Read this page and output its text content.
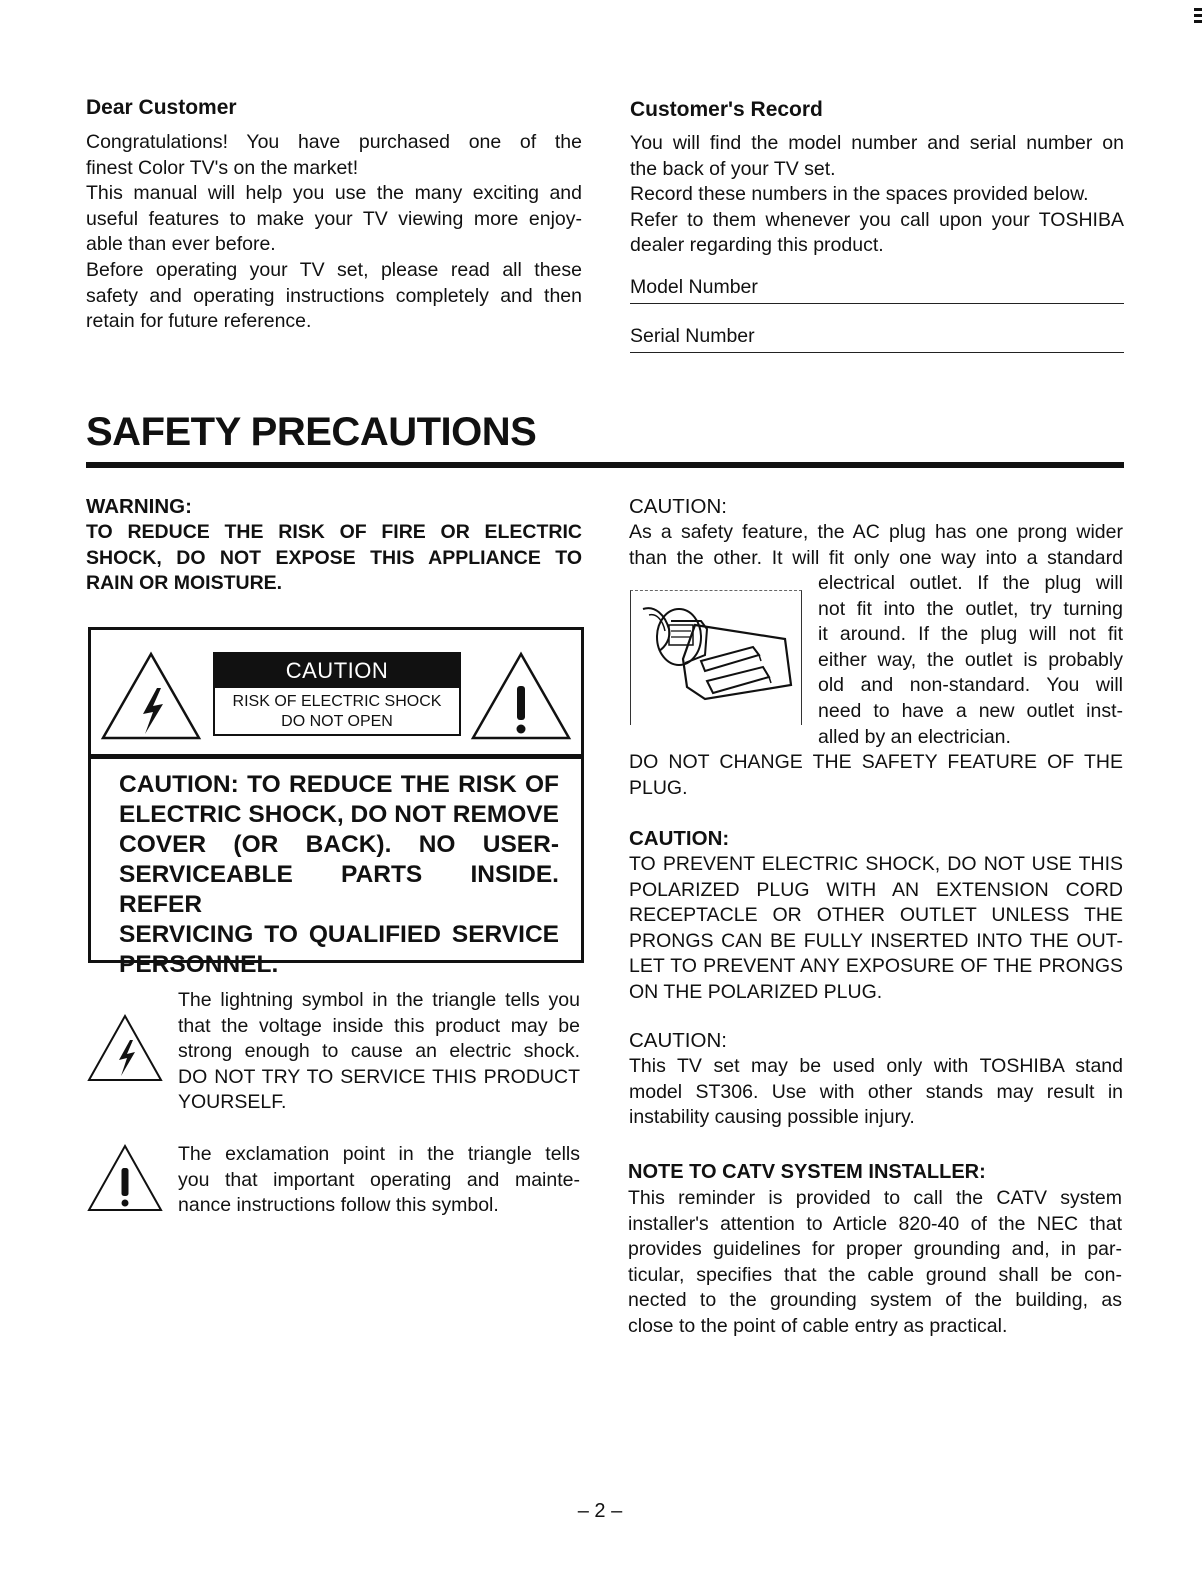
Dear Customer

Congratulations! You have purchased one of the

finest Color TV's on the market!

This manual will help you use the many exciting and

useful features to make your TV viewing more enjoy-

able than ever before.

Before operating your TV set, please read all these

safety and operating instructions completely and then

retain for future reference.

Customer's Record

You will find the model number and serial number on

the back of your TV set.

Record these numbers in the spaces provided below.

Refer to them whenever you call upon your TOSHIBA

dealer regarding this product.

Model Number
Serial Number
SAFETY PRECAUTIONS
WARNING:

TO REDUCE THE RISK OF FIRE OR ELECTRIC

SHOCK, DO NOT EXPOSE THIS APPLIANCE TO

RAIN OR MOISTURE.

CAUTION
RISK OF ELECTRIC SHOCK
DO NOT OPEN

CAUTION: TO REDUCE THE RISK OF

ELECTRIC SHOCK, DO NOT REMOVE

COVER (OR BACK). NO USER-

SERVICEABLE PARTS INSIDE. REFER

SERVICING TO QUALIFIED SERVICE

PERSONNEL.

The lightning symbol in the triangle tells you

that the voltage inside this product may be

strong enough to cause an electric shock.

DO NOT TRY TO SERVICE THIS PRODUCT

YOURSELF.

The exclamation point in the triangle tells

you that important operating and mainte-

nance instructions follow this symbol.

CAUTION:

As a safety feature, the AC plug has one prong wider

than the other. It will fit only one way into a standard

electrical outlet. If the plug will

not fit into the outlet, try turning

it around. If the plug will not fit

either way, the outlet is probably

old and non-standard. You will

need to have a new outlet inst-

alled by an electrician.

DO NOT CHANGE THE SAFETY FEATURE OF THE

PLUG.

CAUTION:

TO PREVENT ELECTRIC SHOCK, DO NOT USE THIS

POLARIZED PLUG WITH AN EXTENSION CORD

RECEPTACLE OR OTHER OUTLET UNLESS THE

PRONGS CAN BE FULLY INSERTED INTO THE OUT-

LET TO PREVENT ANY EXPOSURE OF THE PRONGS

ON THE POLARIZED PLUG.

CAUTION:

This TV set may be used only with TOSHIBA stand

model ST306. Use with other stands may result in

instability causing possible injury.

NOTE TO CATV SYSTEM INSTALLER:

This reminder is provided to call the CATV system

installer's attention to Article 820-40 of the NEC that

provides guidelines for proper grounding and, in par-

ticular, specifies that the cable ground shall be con-

nected to the grounding system of the building, as

close to the point of cable entry as practical.

– 2 –
